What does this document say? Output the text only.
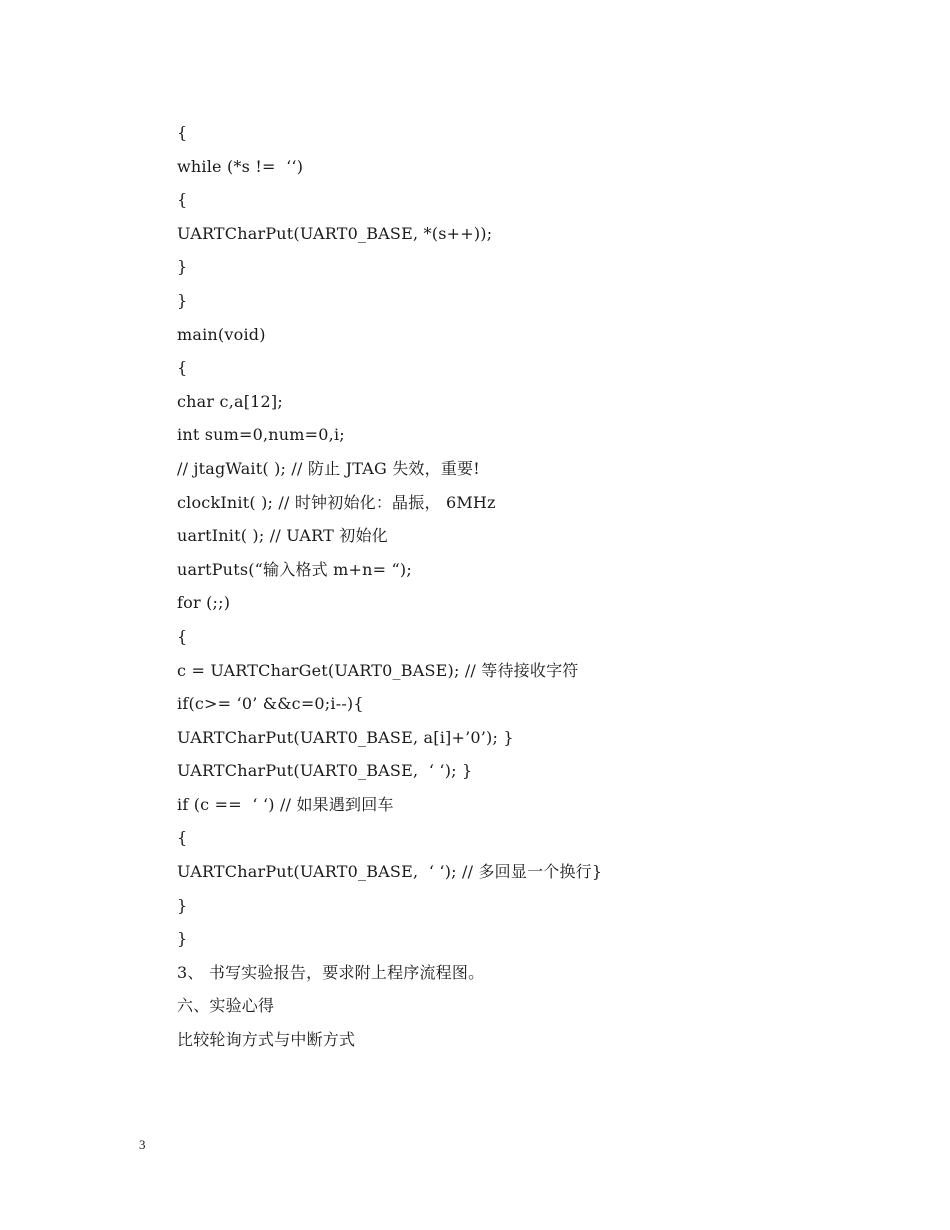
{
while (*s !=  ‘‘)
{
UARTCharPut(UART0_BASE, *(s++));
}
}
main(void)
{
char c,a[12];
int sum=0,num=0,i;
// jtagWait( ); // 防止 JTAG 失效，重要!
clockInit( ); // 时钟初始化：晶振， 6MHz
uartInit( ); // UART 初始化
uartPuts(“输入格式 m+n= “);
for (;;)
{
c = UARTCharGet(UART0_BASE); // 等待接收字符
if(c>= ‘0’ &&c=0;i--){
UARTCharPut(UART0_BASE, a[i]+’0’); }
UARTCharPut(UART0_BASE,  ‘ ‘); }
if (c ==  ‘ ‘) // 如果遇到回车
{
UARTCharPut(UART0_BASE,  ‘ ‘); // 多回显一个换行}
}
}
3、 书写实验报告，要求附上程序流程图。
六、实验心得
比较轮询方式与中断方式
3
